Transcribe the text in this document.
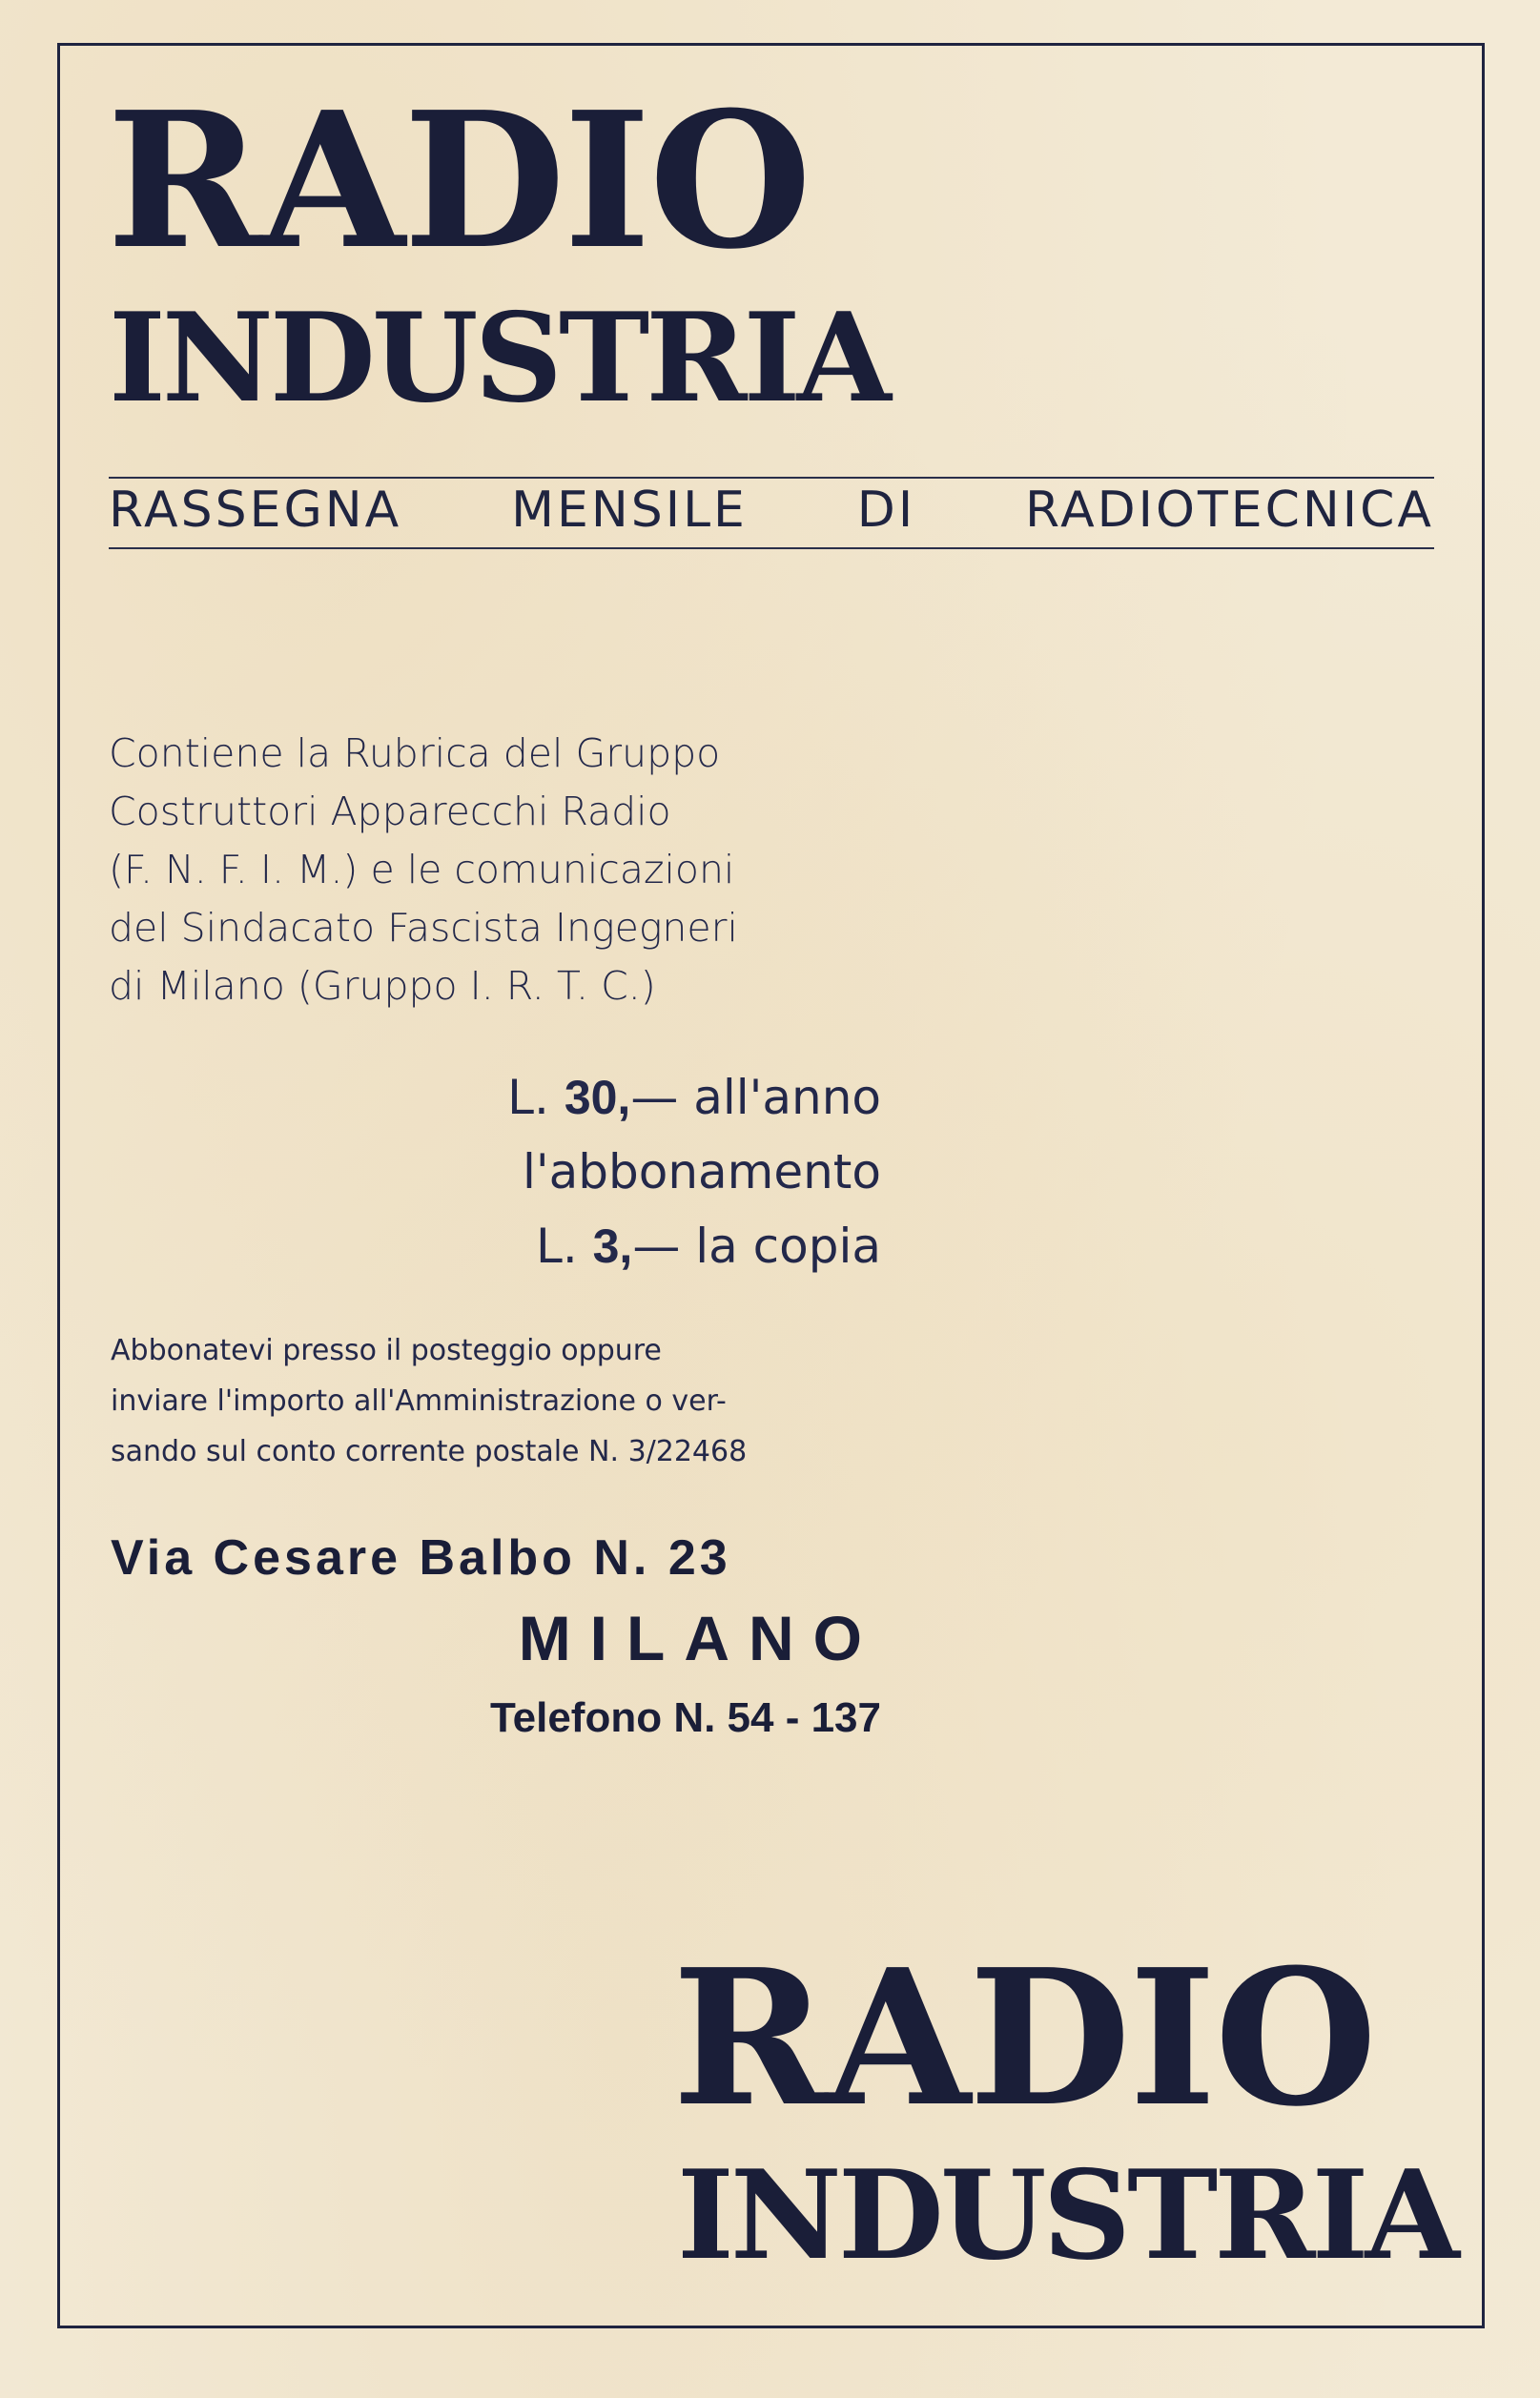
RADIO
INDUSTRIA
RASSEGNA MENSILE DI RADIOTECNICA
Contiene la Rubrica del Gruppo
Costruttori Apparecchi Radio
(F. N. F. I. M.) e le comunicazioni
del Sindacato Fascista Ingegneri
di Milano (Gruppo I. R. T. C.)
L. 30,— all'anno
l'abbonamento
L. 3,— la copia
Abbonatevi presso il posteggio oppure
inviare l'importo all'Amministrazione o ver-
sando sul conto corrente postale N. 3/22468
Via Cesare Balbo N. 23
MILANO
Telefono N. 54 - 137
RADIO
INDUSTRIA
